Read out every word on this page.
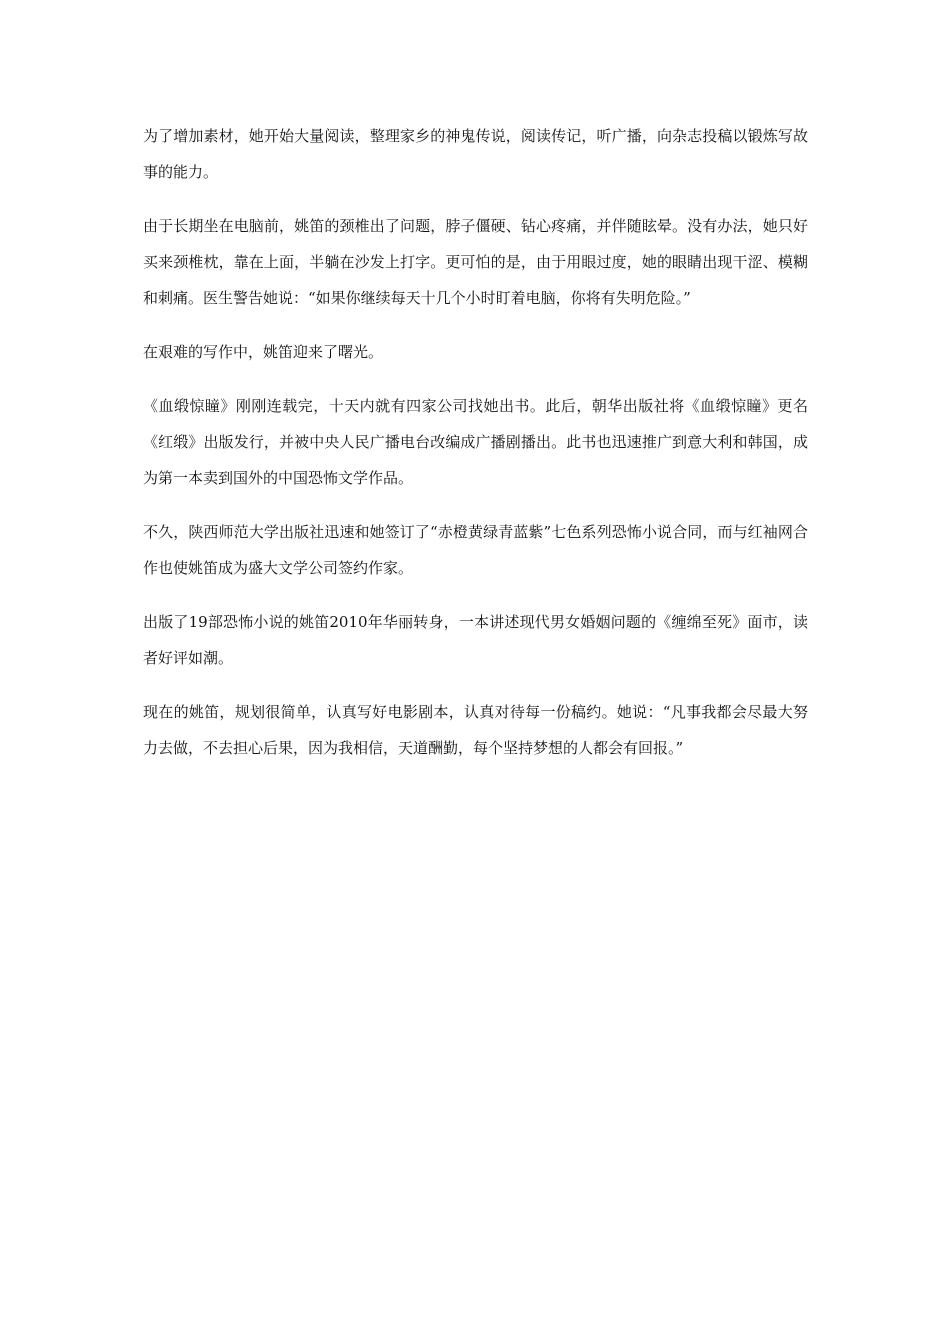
为了增加素材，她开始大量阅读，整理家乡的神鬼传说，阅读传记，听广播，向杂志投稿以锻炼写故事的能力。

由于长期坐在电脑前，姚笛的颈椎出了问题，脖子僵硬、钻心疼痛，并伴随眩晕。没有办法，她只好买来颈椎枕，靠在上面，半躺在沙发上打字。更可怕的是，由于用眼过度，她的眼睛出现干涩、模糊和刺痛。医生警告她说：“如果你继续每天十几个小时盯着电脑，你将有失明危险。”

在艰难的写作中，姚笛迎来了曙光。

《血缎惊瞳》刚刚连载完，十天内就有四家公司找她出书。此后，朝华出版社将《血缎惊瞳》更名《红缎》出版发行，并被中央人民广播电台改编成广播剧播出。此书也迅速推广到意大利和韩国，成为第一本卖到国外的中国恐怖文学作品。

不久，陕西师范大学出版社迅速和她签订了“赤橙黄绿青蓝紫”七色系列恐怖小说合同，而与红袖网合作也使姚笛成为盛大文学公司签约作家。

出版了19部恐怖小说的姚笛2010年华丽转身，一本讲述现代男女婚姻问题的《缠绵至死》面市，读者好评如潮。

现在的姚笛，规划很简单，认真写好电影剧本，认真对待每一份稿约。她说：“凡事我都会尽最大努力去做，不去担心后果，因为我相信，天道酬勤，每个坚持梦想的人都会有回报。”
